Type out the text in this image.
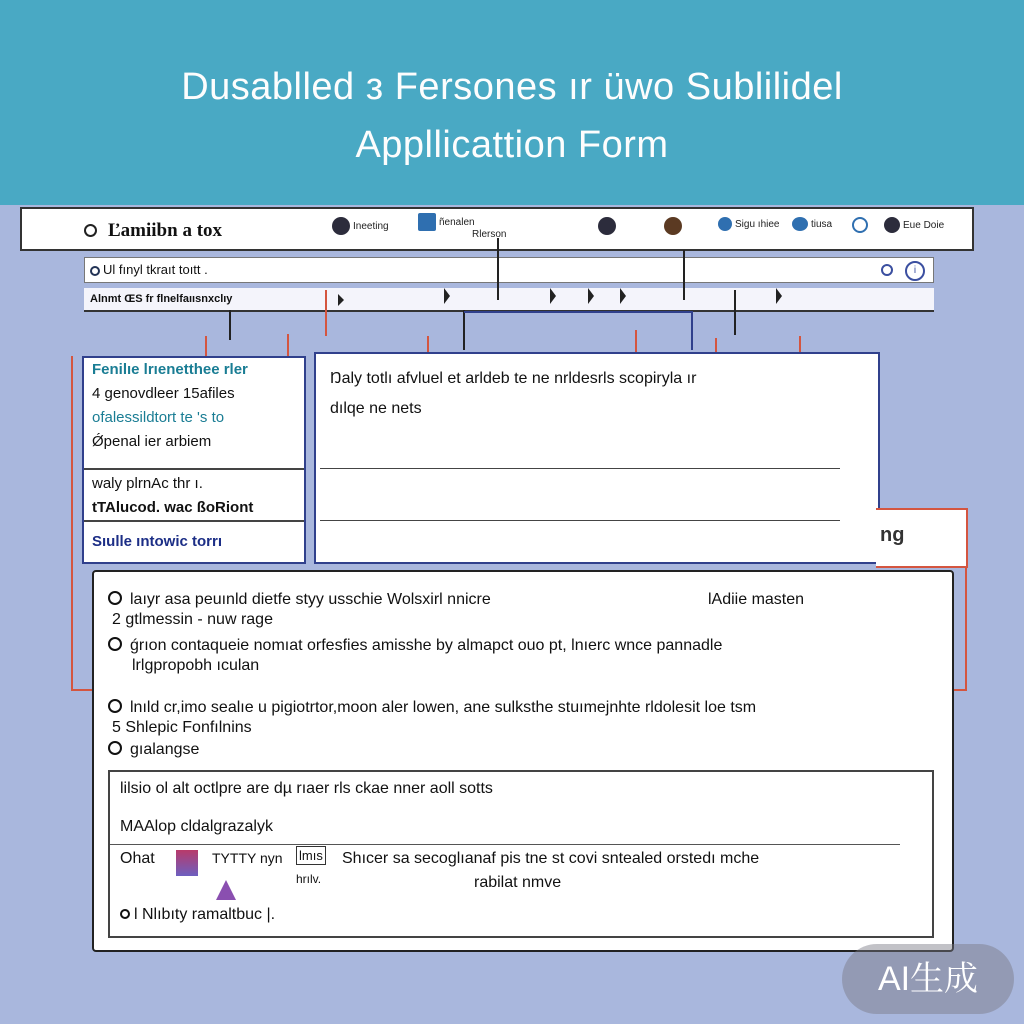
Dusablled з Fersones ır üwo Sublilidel
Appllicattion Form
Ľamiibn a tox	Ineeting	ñenalen
Rlerson
Sigu ıhiee	tiusa	Eue Doie
Ul fınyl tkraıt toıtt .	i
Alnmt ŒS fr flnelfaıısnxclıy
Fenilıe lrıenetthee rler
4 genovdleer 15afiles
ofalessildtort te 's to
Ǿpenal ier arbiem
waly plrnAc thr ı.
tTAlucod. wac ßoRiont
Sıulle ıntowic torrı
Ŋaly totlı afvluel et arldeb te ne nrldesrls scopiryla ır
dılqe ne nets
ng
laıyr asa peuınld dietfe styy usschie Wolsxirl nnicre	lAdiie masten
2 gtlmessin - nuw rage
ǵrıon contaqueie nomıat orfesfies amisshe by almapct ouo pt, lnıerc wnce pannadle
lrlgpropobh ıculan
lnıld cr,imo sealıe u pigiotrtor,moon aler lowen, ane sulksthe stuımejnhte rldolesit loe tsm
5 Shlepic Fonfılnins
gıalangse
lilsio ol alt octlpre are dµ rıaer rls ckae nner aoll sotts
MAAlop cldalgrazalyk
Ohat	TYTTY nyn lmıs
hrılv.
Shıcer sa secoglıanaf pis tne st covi sntealed orstedı mche
rabilat nmve
l Nlıbıty ramaltbuc |.
AI生成
